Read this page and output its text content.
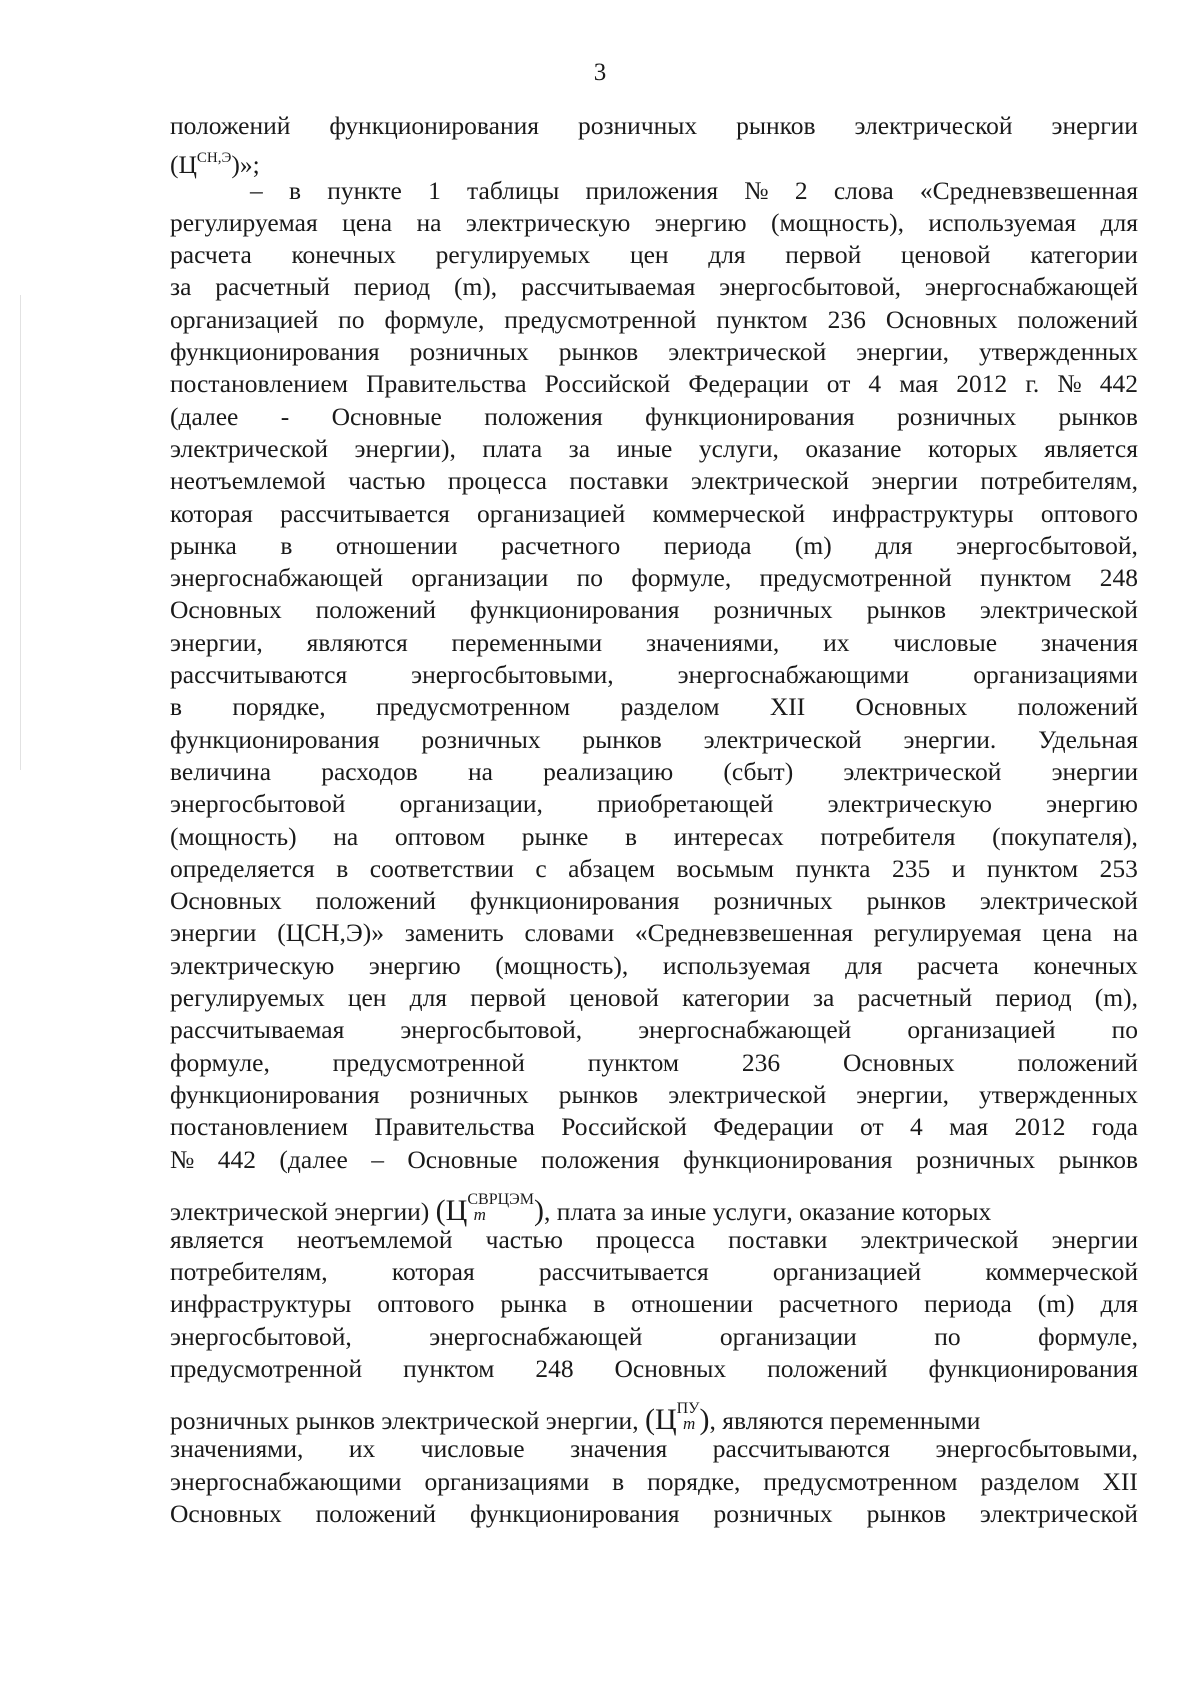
3
положений функционирования розничных рынков электрической энергии
$(Ц^{СН,Э})$»;
– в пункте 1 таблицы приложения № 2 слова «Средневзвешенная
регулируемая цена на электрическую энергию (мощность), используемая для
расчета конечных регулируемых цен для первой ценовой категории
за расчетный период (m), рассчитываемая энергосбытовой, энергоснабжающей
организацией по формуле, предусмотренной пунктом 236 Основных положений
функционирования розничных рынков электрической энергии, утвержденных
постановлением Правительства Российской Федерации от 4 мая 2012 г. № 442
(далее - Основные положения функционирования розничных рынков
электрической энергии), плата за иные услуги, оказание которых является
неотъемлемой частью процесса поставки электрической энергии потребителям,
которая рассчитывается организацией коммерческой инфраструктуры оптового
рынка в отношении расчетного периода (m) для энергосбытовой,
энергоснабжающей организации по формуле, предусмотренной пунктом 248
Основных положений функционирования розничных рынков электрической
энергии, являются переменными значениями, их числовые значения
рассчитываются	энергосбытовыми,	энергоснабжающими	организациями
в порядке, предусмотренном разделом XII Основных положений
функционирования розничных рынков электрической энергии. Удельная
величина расходов на реализацию (сбыт) электрической энергии
энергосбытовой организации, приобретающей электрическую энергию
(мощность) на оптовом рынке в интересах потребителя (покупателя),
определяется в соответствии с абзацем восьмым пункта 235 и пунктом 253
Основных положений функционирования розничных рынков электрической
энергии (ЦСН,Э)» заменить словами «Средневзвешенная регулируемая цена на
электрическую энергию (мощность), используемая для расчета конечных
регулируемых цен для первой ценовой категории за расчетный период (m),
рассчитываемая энергосбытовой, энергоснабжающей организацией по
формуле, предусмотренной пунктом 236 Основных положений
функционирования розничных рынков электрической энергии, утвержденных
постановлением Правительства Российской Федерации от 4 мая 2012 года
№ 442 (далее – Основные положения функционирования розничных рынков
электрической энергии) ($Ц^{СВРЦЭМ}$
m ), плата за иные услуги, оказание которых
является неотъемлемой частью процесса поставки электрической энергии
потребителям,	которая	рассчитывается	организацией	коммерческой
инфраструктуры оптового рынка в отношении расчетного периода (m) для
энергосбытовой,	энергоснабжающей	организации	по	формуле,
предусмотренной пунктом 248 Основных положений функционирования
розничных рынков электрической энергии, ($Ц^{ПУ}$
m ), являются переменными
значениями, их числовые значения рассчитываются энергосбытовыми,
энергоснабжающими организациями в порядке, предусмотренном разделом XII
Основных положений функционирования розничных рынков электрической
